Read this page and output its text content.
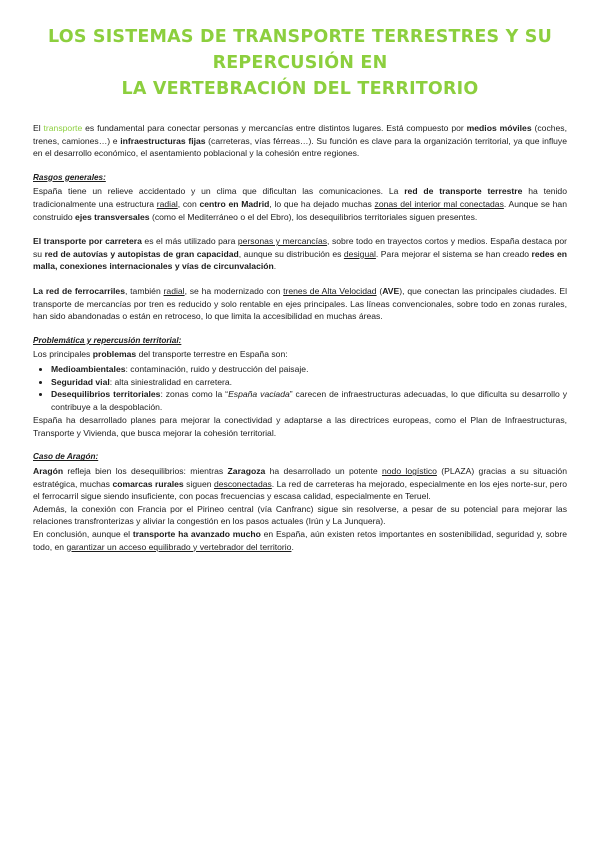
LOS SISTEMAS DE TRANSPORTE TERRESTRES Y SU REPERCUSIÓN EN
LA VERTEBRACIÓN DEL TERRITORIO

El transporte es fundamental para conectar personas y mercancías entre distintos lugares. Está compuesto por medios móviles (coches, trenes, camiones…) e infraestructuras fijas (carreteras, vías férreas…). Su función es clave para la organización territorial, ya que influye en el desarrollo económico, el asentamiento poblacional y la cohesión entre regiones.

Rasgos generales:

España tiene un relieve accidentado y un clima que dificultan las comunicaciones. La red de transporte terrestre ha tenido tradicionalmente una estructura radial, con centro en Madrid, lo que ha dejado muchas zonas del interior mal conectadas. Aunque se han construido ejes transversales (como el Mediterráneo o el del Ebro), los desequilibrios territoriales siguen presentes.

El transporte por carretera es el más utilizado para personas y mercancías, sobre todo en trayectos cortos y medios. España destaca por su red de autovías y autopistas de gran capacidad, aunque su distribución es desigual. Para mejorar el sistema se han creado redes en malla, conexiones internacionales y vías de circunvalación.

La red de ferrocarriles, también radial, se ha modernizado con trenes de Alta Velocidad (AVE), que conectan las principales ciudades. El transporte de mercancías por tren es reducido y solo rentable en ejes principales. Las líneas convencionales, sobre todo en zonas rurales, han sido abandonadas o están en retroceso, lo que limita la accesibilidad en muchas áreas.

Problemática y repercusión territorial:

Los principales problemas del transporte terrestre en España son:

• Medioambientales: contaminación, ruido y destrucción del paisaje.
• Seguridad vial: alta siniestralidad en carretera.
• Desequilibrios territoriales: zonas como la “España vaciada” carecen de infraestructuras adecuadas, lo que dificulta su desarrollo y contribuye a la despoblación.

España ha desarrollado planes para mejorar la conectividad y adaptarse a las directrices europeas, como el Plan de Infraestructuras, Transporte y Vivienda, que busca mejorar la cohesión territorial.

Caso de Aragón:

Aragón refleja bien los desequilibrios: mientras Zaragoza ha desarrollado un potente nodo logístico (PLAZA) gracias a su situación estratégica, muchas comarcas rurales siguen desconectadas. La red de carreteras ha mejorado, especialmente en los ejes norte-sur, pero el ferrocarril sigue siendo insuficiente, con pocas frecuencias y escasa calidad, especialmente en Teruel.

Además, la conexión con Francia por el Pirineo central (vía Canfranc) sigue sin resolverse, a pesar de su potencial para mejorar las relaciones transfronterizas y aliviar la congestión en los pasos actuales (Irún y La Junquera).

En conclusión, aunque el transporte ha avanzado mucho en España, aún existen retos importantes en sostenibilidad, seguridad y, sobre todo, en garantizar un acceso equilibrado y vertebrador del territorio.
